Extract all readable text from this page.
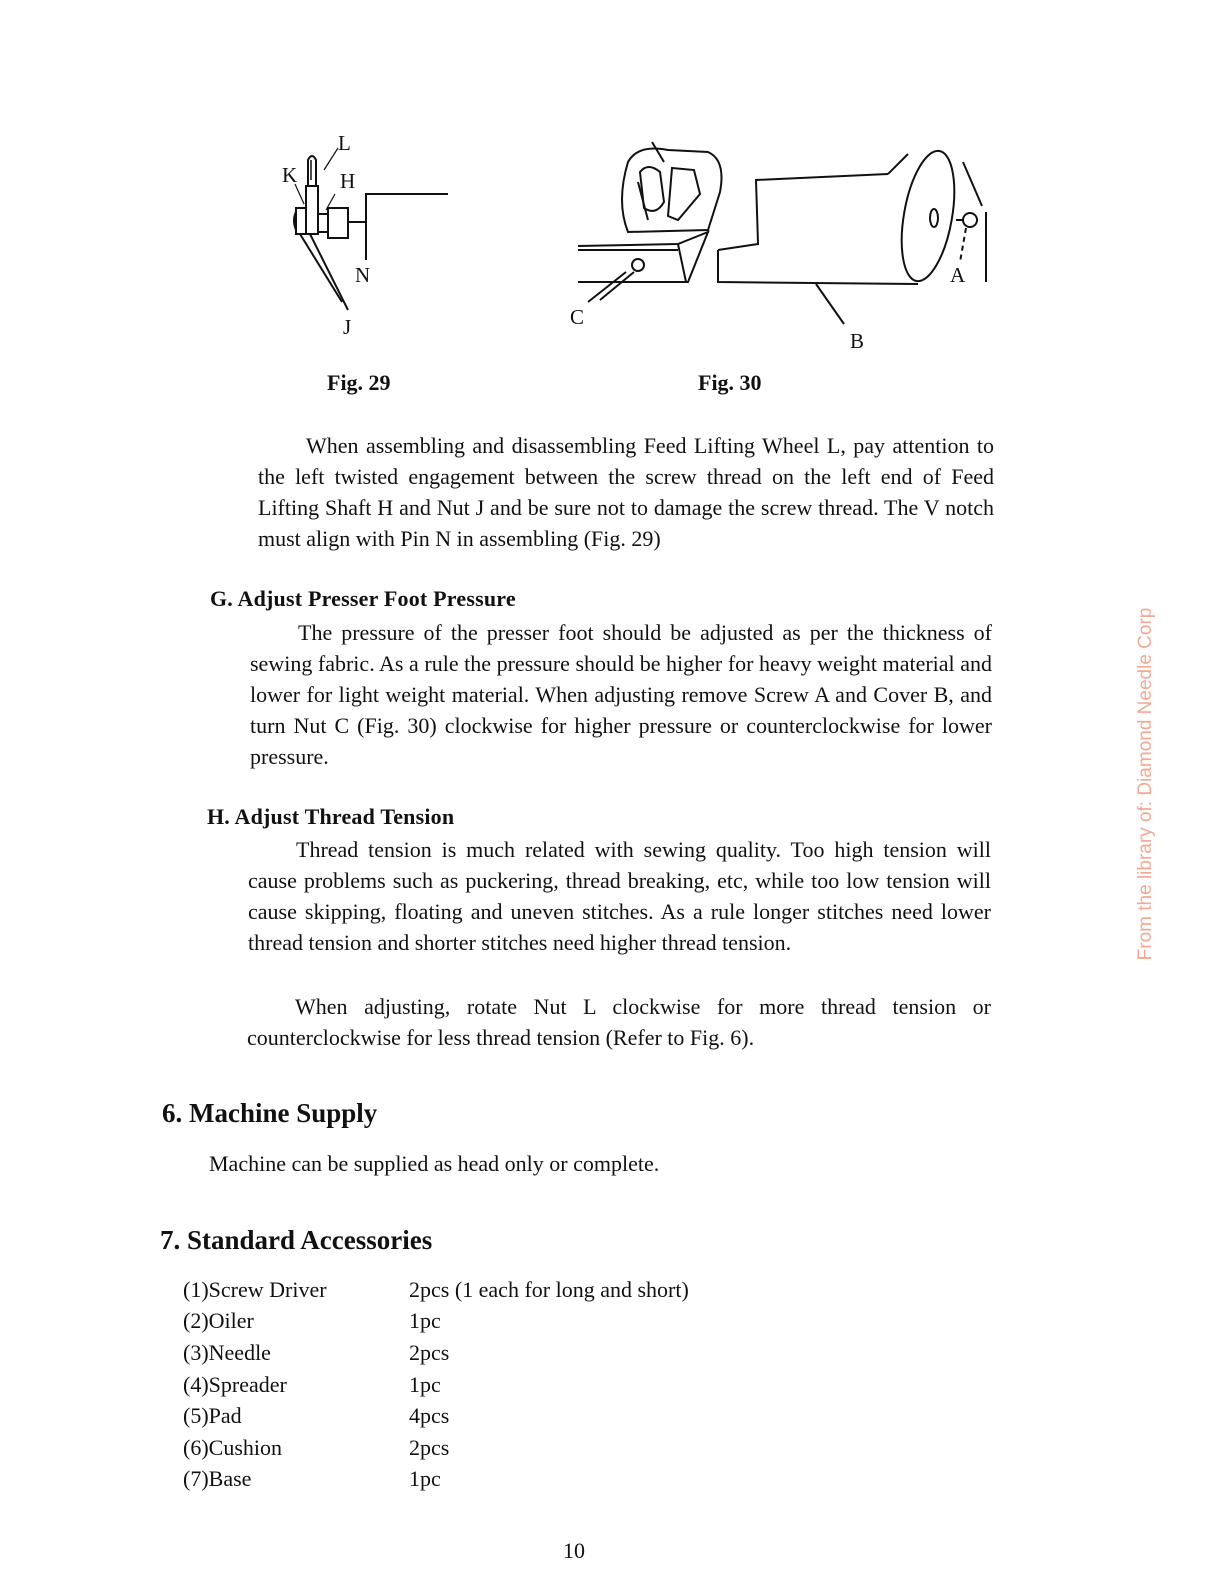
L
K H
N
J
Fig. 29
C
A
B
Fig. 30

When assembling and disassembling Feed Lifting Wheel L, pay attention to the left twisted engagement between the screw thread on the left end of Feed Lifting Shaft H and Nut J and be sure not to damage the screw thread. The V notch must align with Pin N in assembling (Fig. 29)

G. Adjust Presser Foot Pressure

The pressure of the presser foot should be adjusted as per the thickness of sewing fabric. As a rule the pressure should be higher for heavy weight material and lower for light weight material. When adjusting remove Screw A and Cover B, and turn Nut C (Fig. 30) clockwise for higher pressure or counterclockwise for lower pressure.

H. Adjust Thread Tension

Thread tension is much related with sewing quality. Too high tension will cause problems such as puckering, thread breaking, etc, while too low tension will cause skipping, floating and uneven stitches. As a rule longer stitches need lower thread tension and shorter stitches need higher thread tension.

When adjusting, rotate Nut L clockwise for more thread tension or counterclockwise for less thread tension (Refer to Fig. 6).

6. Machine Supply

Machine can be supplied as head only or complete.

7. Standard Accessories
(1)Screw Driver	2pcs (1 each for long and short)
(2)Oiler	1pc
(3)Needle	2pcs
(4)Spreader	1pc
(5)Pad	4pcs
(6)Cushion	2pcs
(7)Base	1pc
From the library of: Diamond Needle Corp
10
